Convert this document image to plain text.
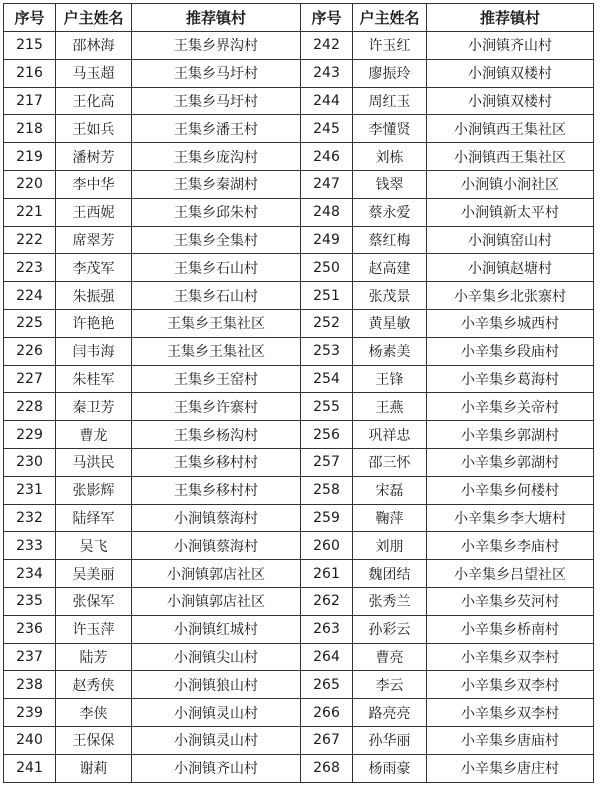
序号	户主姓名	推荐镇村	序号	户主姓名	推荐镇村
215	邵林海	王集乡界沟村	242	许玉红	小涧镇齐山村
216	马玉超	王集乡马圩村	243	廖振玲	小涧镇双楼村
217	王化高	王集乡马圩村	244	周红玉	小涧镇双楼村
218	王如兵	王集乡潘王村	245	李懂贤	小涧镇西王集社区
219	潘树芳	王集乡庞沟村	246	刘栋	小涧镇西王集社区
220	李中华	王集乡秦湖村	247	钱翠	小涧镇小涧社区
221	王西妮	王集乡邱朱村	248	蔡永爱	小涧镇新太平村
222	席翠芳	王集乡全集村	249	蔡红梅	小涧镇窑山村
223	李茂军	王集乡石山村	250	赵高建	小涧镇赵塘村
224	朱振强	王集乡石山村	251	张茂景	小辛集乡北张寨村
225	许艳艳	王集乡王集社区	252	黄星敏	小辛集乡城西村
226	闫韦海	王集乡王集社区	253	杨素美	小辛集乡段庙村
227	朱桂军	王集乡王窑村	254	王锋	小辛集乡葛海村
228	秦卫芳	王集乡许寨村	255	王燕	小辛集乡关帝村
229	曹龙	王集乡杨沟村	256	巩祥忠	小辛集乡郭湖村
230	马洪民	王集乡移村村	257	邵三怀	小辛集乡郭湖村
231	张影辉	王集乡移村村	258	宋磊	小辛集乡何楼村
232	陆绎军	小涧镇蔡海村	259	鞠萍	小辛集乡李大塘村
233	吴飞	小涧镇蔡海村	260	刘朋	小辛集乡李庙村
234	吴美丽	小涧镇郭店社区	261	魏团结	小辛集乡吕望社区
235	张保军	小涧镇郭店社区	262	张秀兰	小辛集乡芡河村
236	许玉萍	小涧镇红城村	263	孙彩云	小辛集乡桥南村
237	陆芳	小涧镇尖山村	264	曹亮	小辛集乡双李村
238	赵秀侠	小涧镇狼山村	265	李云	小辛集乡双李村
239	李侠	小涧镇灵山村	266	路亮亮	小辛集乡双李村
240	王保保	小涧镇灵山村	267	孙华丽	小辛集乡唐庙村
241	谢莉	小涧镇齐山村	268	杨雨豪	小辛集乡唐庄村
